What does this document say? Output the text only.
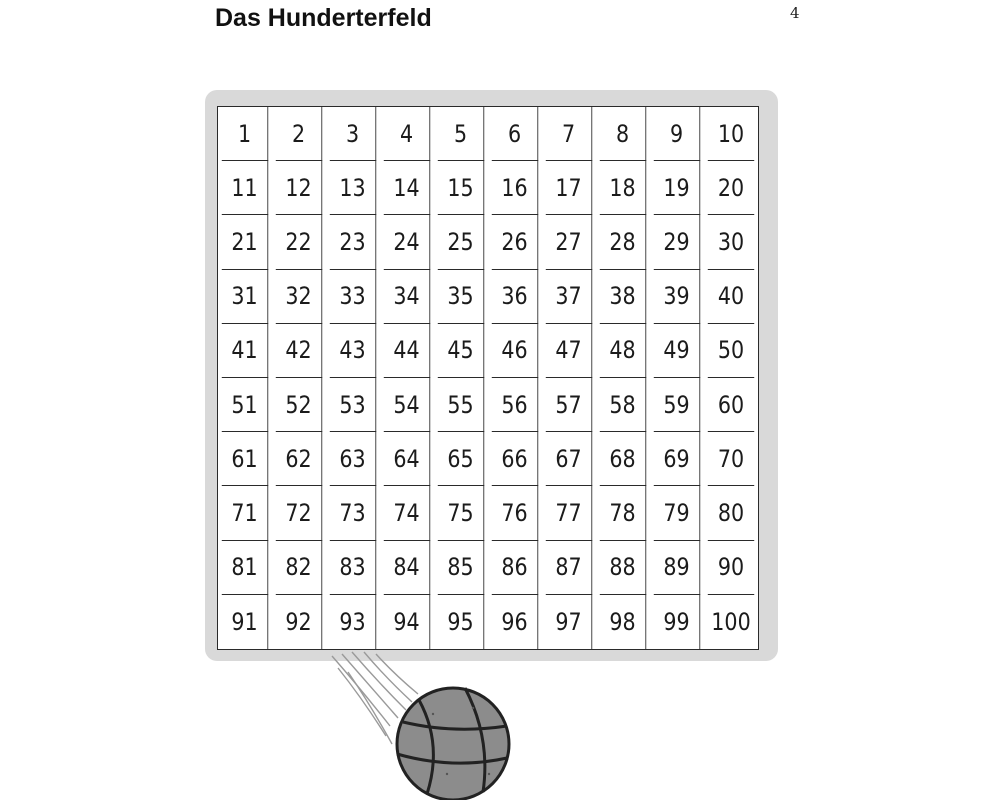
Das Hunderterfeld	4
1	2	3	4	5	6	7	8	9	10
11	12	13	14	15	16	17	18	19	20
21	22	23	24	25	26	27	28	29	30
31	32	33	34	35	36	37	38	39	40
41	42	43	44	45	46	47	48	49	50
51	52	53	54	55	56	57	58	59	60
61	62	63	64	65	66	67	68	69	70
71	72	73	74	75	76	77	78	79	80
81	82	83	84	85	86	87	88	89	90
91	92	93	94	95	96	97	98	99 100
